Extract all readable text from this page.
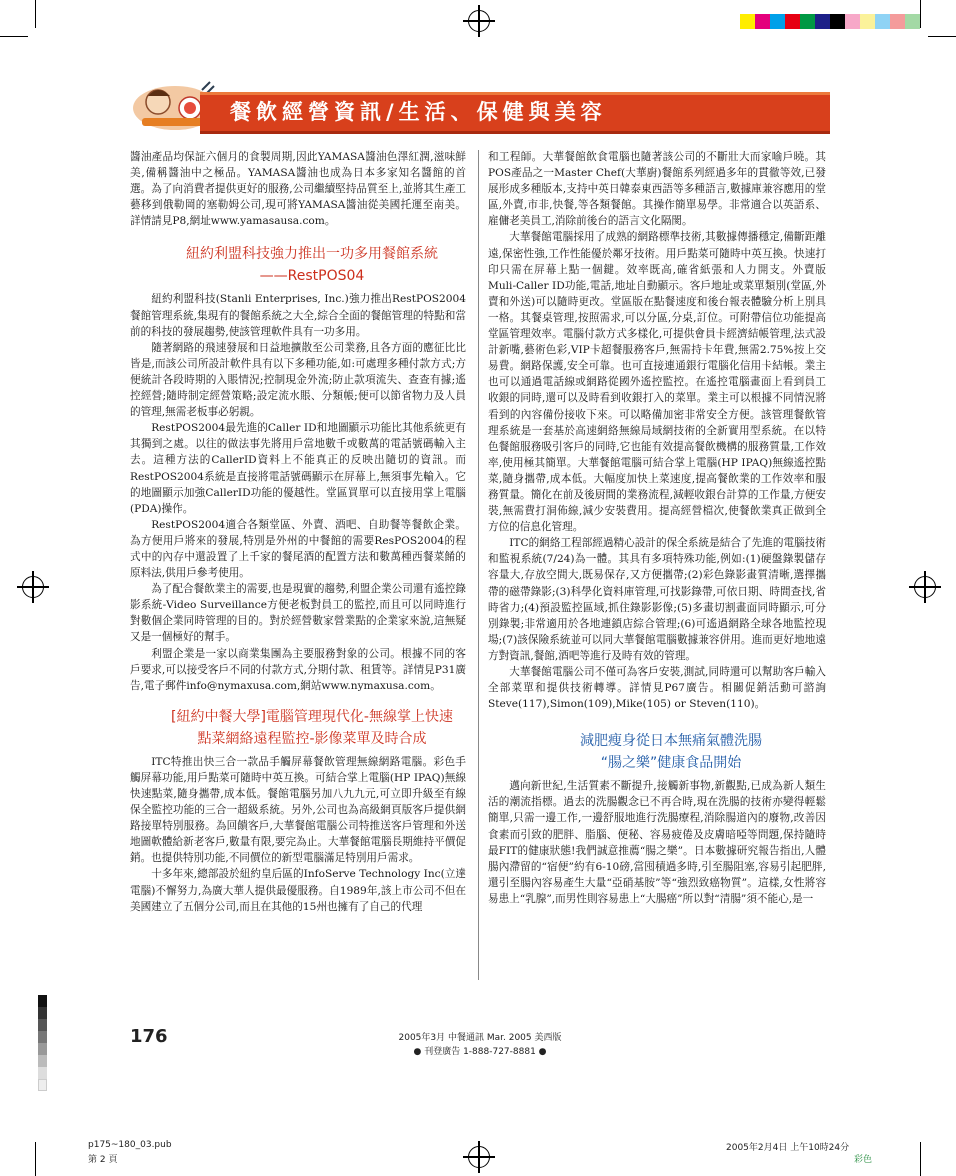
餐飲經營資訊/生活、保健與美容

醬油產品均保証六個月的食製周期,因此YAMASA醬油色澤紅潤,滋味鮮美,備稱醬油中之極品。YAMASA醬油也成為日本多家知名醬館的首選。為了向消費者提供更好的服務,公司繼續堅持品質至上,並將其生產工藝移到俄勒岡的塞勒姆公司,現可將YAMASA醬油從美國托運至南美。詳情請見P8,網址www.yamasausa.com。

紐約利盟科技強力推出一功多用餐館系統

——RestPOS04

紐約利盟科技(Stanli Enterprises, Inc.)強力推出RestPOS2004餐館管理系統,集現有的餐館系統之大全,綜合全面的餐館管理的特點和當前的科技的發展趨勢,使該管理軟件具有一功多用。

隨著網路的飛速發展和日益地擴散至公司業務,且各方面的應征比比皆是,而該公司所設計軟件具有以下多種功能,如:可處理多種付款方式;方便統計各段時期的入賬情況;控制現金外流;防止款項流失、查查有據;遙控經營;隨時制定經營策略;設定流水賬、分類帳;便可以節省物力及人員的管理,無需老板事必躬親。

RestPOS2004最先進的Caller ID和地圖顯示功能比其他系統更有其獨到之處。以往的做法事先將用戶當地數千或數萬的電話號碼輸入主去。這種方法的CallerID資料上不能真正的反映出隨切的資訊。而RestPOS2004系統是直接將電話號碼顯示在屏幕上,無須事先輸入。它的地圖顯示加強CallerID功能的優越性。堂區買單可以直接用掌上電腦(PDA)操作。

RestPOS2004適合各類堂區、外賣、酒吧、自助餐等餐飲企業。為方便用戶將來的發展,特別是外州的中餐館的需要ResPOS2004的程式中的內存中還設置了上千家的餐尾酒的配置方法和數萬種西餐菜餚的原料法,供用戶參考使用。

為了配合餐飲業主的需要,也是現實的趨勢,利盟企業公司還有遙控錄影系統-Video Surveillance方便老板對員工的監控,而且可以同時進行對數個企業同時管理的目的。對於經營數家營業點的企業家來說,這無疑又是一個極好的幫手。

利盟企業是一家以商業集團為主要服務對象的公司。根據不同的客戶要求,可以接受客戶不同的付款方式,分期付款、租賃等。詳情見P31廣告,電子郵件info@nymaxusa.com,網站www.nymaxusa.com。

[紐約中餐大學]電腦管理現代化-無線掌上快速

點菜網絡遠程監控-影像菜單及時合成

ITC特推出快三合一款品手觸屏幕餐飲管理無線網路電腦。彩色手觸屏幕功能,用戶點菜可隨時中英互換。可結合掌上電腦(HP IPAQ)無線快速點菜,隨身攜帶,成本低。餐館電腦另加八九九元,可立即升級至有線保全監控功能的三合一超級系統。另外,公司也為高級網頁版客戶提供網路接單特別服務。為回饋客戶,大華餐館電腦公司特推送客戶管理和外送地圖軟體給新老客戶,數量有限,要完為止。大華餐館電腦長期維持平價促銷。也提供特別功能,不同價位的新型電腦滿足特別用戶需求。

十多年來,總部設於紐約皇后區的InfoServe Technology Inc(立達電腦)不懈努力,為廣大華人提供最優服務。自1989年,該上市公司不但在美國建立了五個分公司,而且在其他的15州也擁有了自己的代理

和工程師。大華餐館飲食電腦也隨著該公司的不斷壯大而家喻戶曉。其POS產品之一Master Chef(大華廚)餐館系列經過多年的貫徹等效,已發展形成多種版本,支持中英日韓泰東西語等多種語言,數據庫兼容應用的堂區,外賣,市非,快餐,等各類餐館。其操作簡單易學。非常適合以英語系、雇傭老美員工,消除前後台的語言文化隔閡。

大華餐館電腦採用了成熟的網路標準技術,其數據傳播穩定,備斷距離遠,保密性強,工作性能優於鄰牙技術。用戶點菜可隨時中英互換。快速打印只需在屏幕上點一個鍵。效率既高,確省紙張和人力開支。外賣版Muli-Caller ID功能,電話,地址自動顯示。客戶地址或菜單類別(堂區,外賣和外送)可以隨時更改。堂區版在點餐速度和後台報表體驗分析上別具一格。其餐桌管理,按照需求,可以分區,分桌,訂位。可附帶信位功能提高堂區管理效率。電腦付款方式多樣化,可提供會員卡經濟結帳管理,法式設計新嘴,藝術色彩,VIP卡超餐服務客戶,無需持卡年費,無需2.75%按上交易費。網路保護,安全可靠。也可直接連通銀行電腦化信用卡結帳。業主也可以通過電話線或網路從國外遙控監控。在遙控電腦畫面上看到員工收銀的同時,還可以及時看到收銀打入的菜單。業主可以根據不同情況將看到的內容備份接收下來。可以略備加密非常安全方便。該管理餐飲管理系統是一套基於高速網絡無線局域網技術的全新實用型系統。在以特色餐館服務吸引客戶的同時,它也能有效提高餐飲機構的服務質量,工作效率,使用極其簡單。大華餐館電腦可結合掌上電腦(HP IPAQ)無線遙控點菜,隨身攜帶,成本低。大幅度加快上菜速度,提高餐飲業的工作效率和服務質量。簡化在前及後厨間的業務流程,減輕收銀台計算的工作量,方便安裝,無需費打洞佈線,減少安裝費用。提高經營檔次,使餐飲業真正做到全方位的信息化管理。

ITC的網絡工程部經過精心設計的保全系統是結合了先進的電腦技術和監視系統(7/24)為一體。其具有多項特殊功能,例如:(1)硬盤錄製儲存容量大,存放空間大,既易保存,又方便攜帶;(2)彩色錄影畫質清晰,選擇攜帶的磁帶錄影;(3)科學化資料庫管理,可找影錄帶,可依日期、時間查找,省時省力;(4)預設監控區域,抓住錄影影像;(5)多畫切割畫面同時顯示,可分別錄製;非常適用於各地連鎖店綜合管理;(6)可遙過網路全球各地監控現場;(7)該保險系統並可以同大華餐館電腦數據兼容併用。進而更好地地遠方對資訊,餐館,酒吧等進行及時有效的管理。

大華餐館電腦公司不僅可為客戶安裝,測試,同時還可以幫助客戶輸入全部菜單和提供技術轉導。詳情見P67廣告。相關促銷活動可諮詢Steve(117),Simon(109),Mike(105) or Steven(110)。

減肥瘦身從日本無痛氣體洗腸

“腸之樂”健康食品開始

邁向新世紀,生活質素不斷提升,接觸新事物,新觀點,已成為新人類生活的潮流指標。過去的洗腸觀念已不再合時,現在洗腸的技術亦變得輕鬆簡單,只需一邊工作,一邊舒服地進行洗腸療程,消除腸道內的廢物,改善因食素而引致的肥胖、脂腦、便秘、容易疲倦及皮膚暗啞等問題,保持隨時最FIT的健康狀態!我們誠意推薦“腸之樂”。日本數據研究報告指出,人體腸內滯留的“宿便”約有6-10磅,當囤積過多時,引至腸阻塞,容易引起肥胖,還引至腸內容易產生大量“亞硝基胺”等“強烈致癌物質”。這樣,女性將容易患上“乳腺”,而男性則容易患上“大腸癌”所以對“清腸”須不能心,是一

176	2005年3月 中餐通訊 Mar. 2005 美西版
● 刊登廣告 1-888-727-8881 ●
p175~180_03.pub
第 2 頁
2005年2月4日 上午10時24分
彩色
